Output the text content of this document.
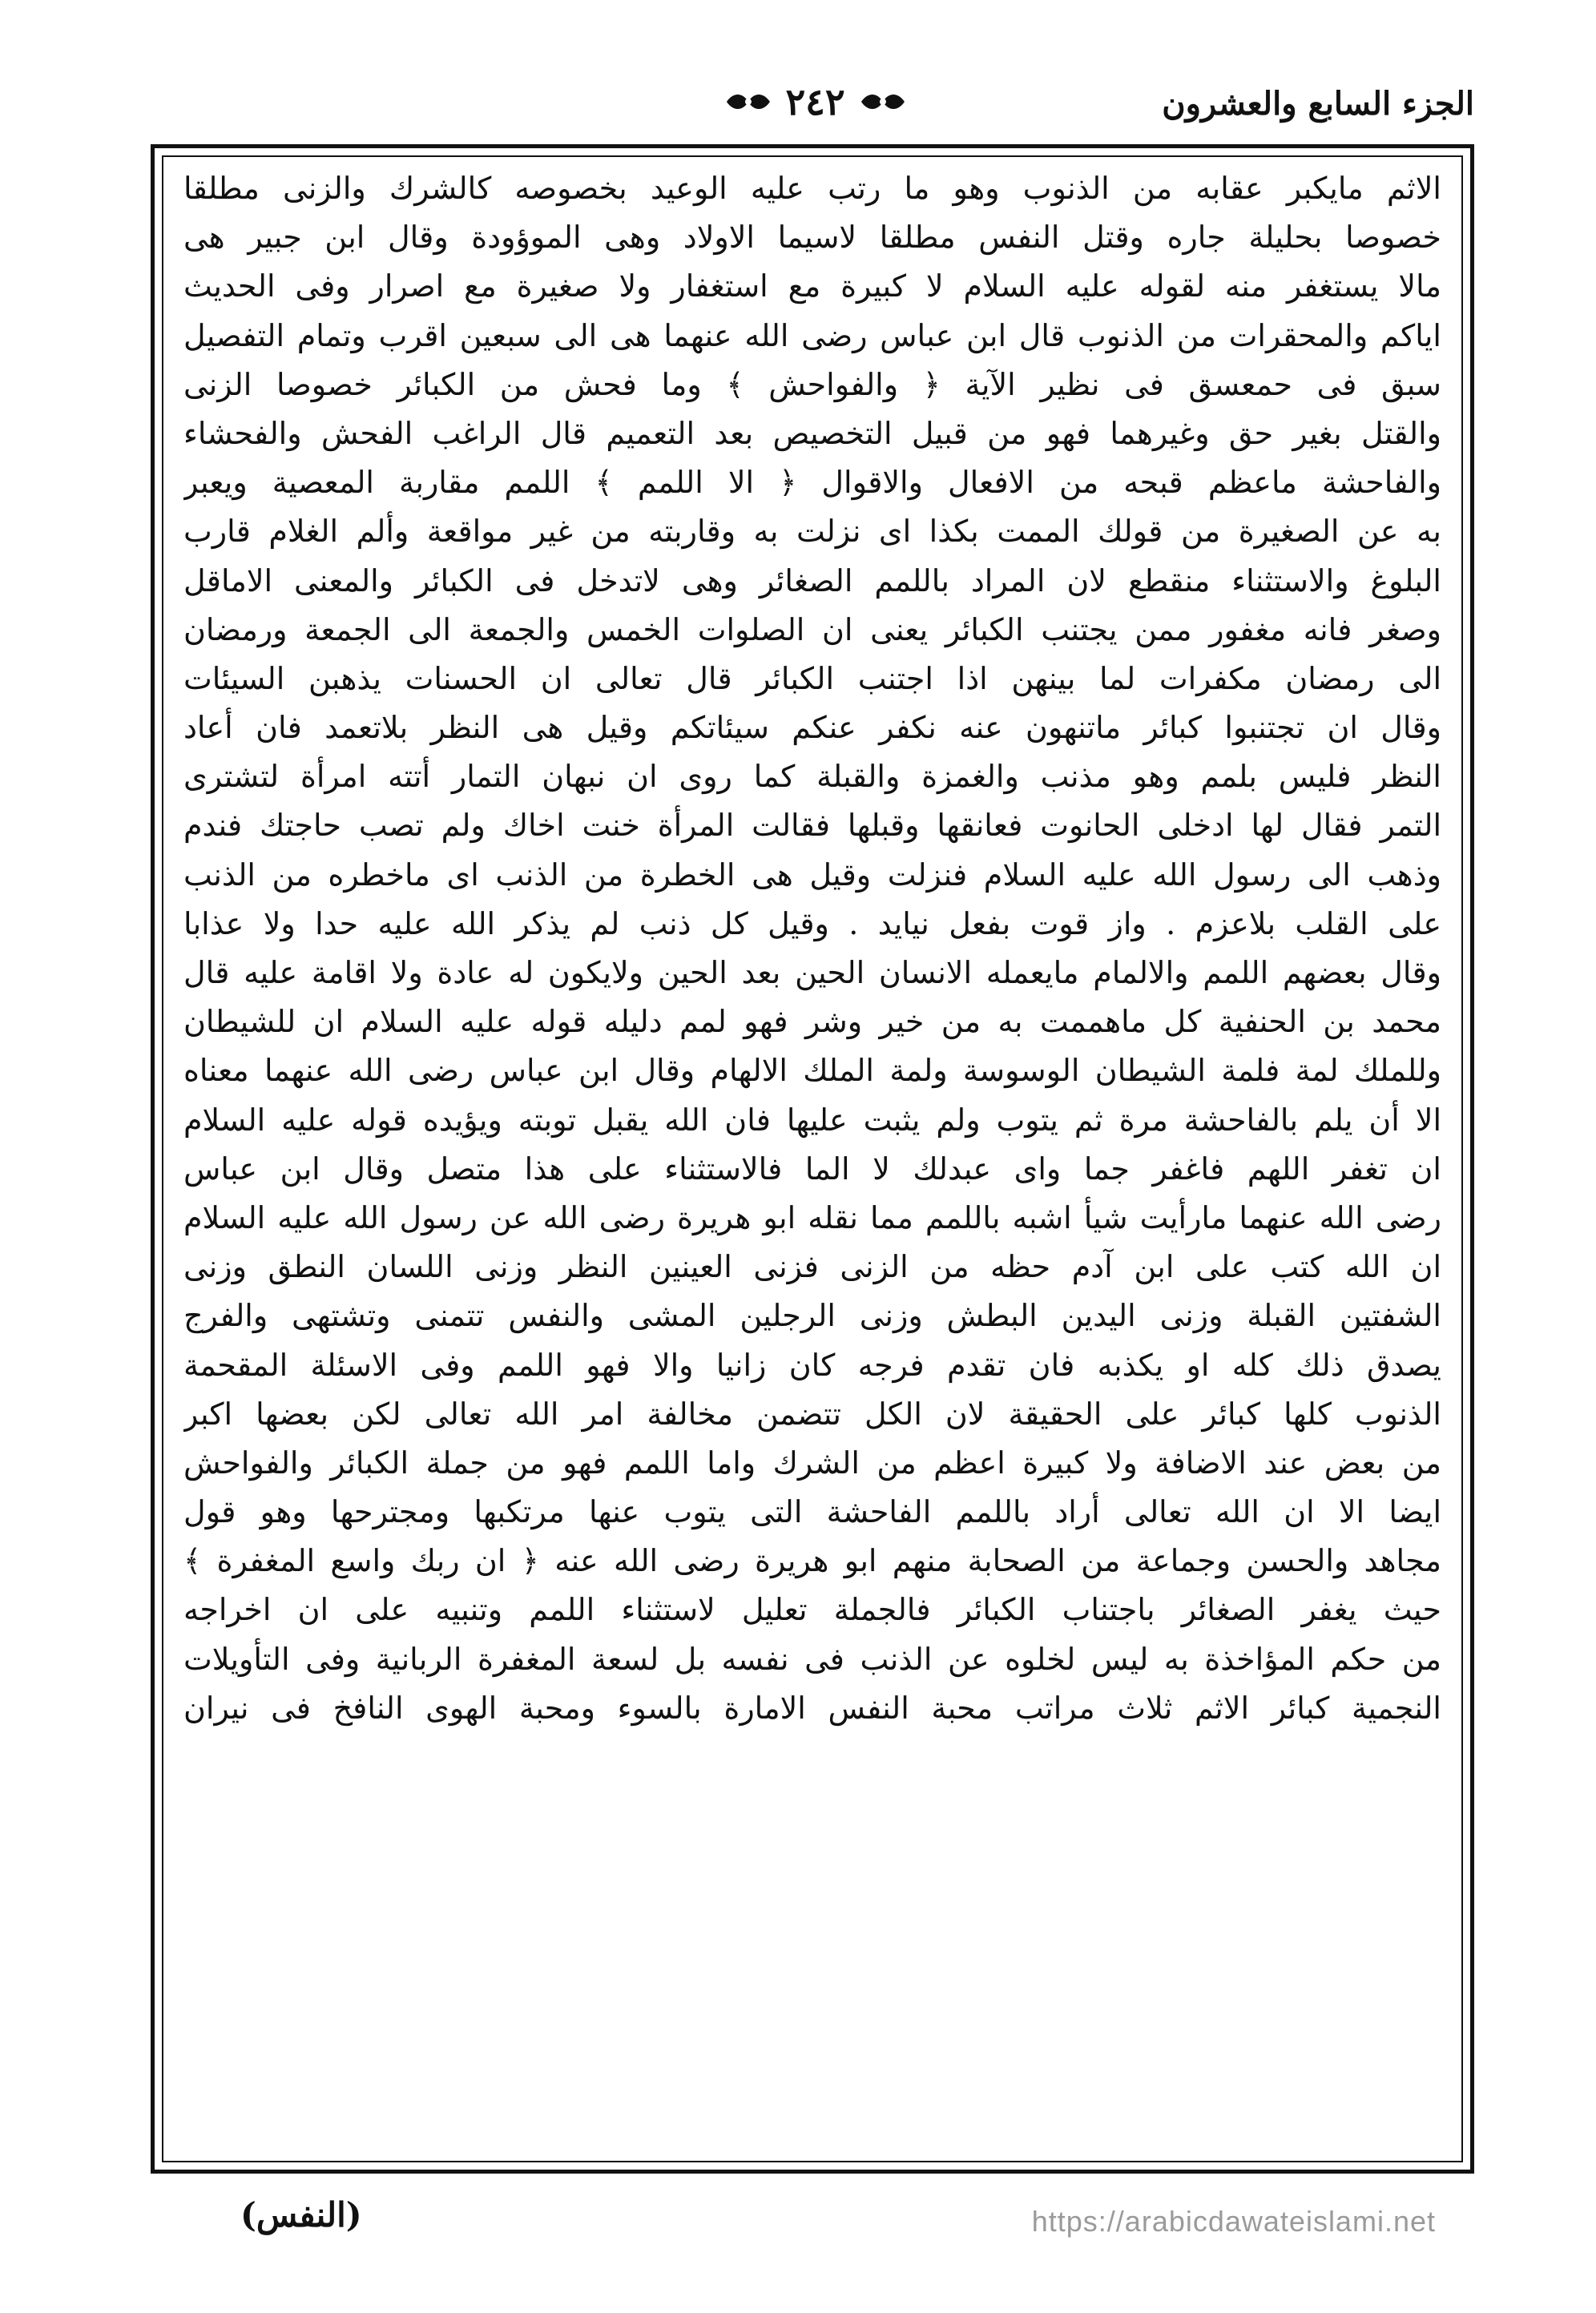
الجزء السابع والعشرون
٢٤٢
الاثم مايكبر عقابه من الذنوب وهو ما رتب عليه الوعيد بخصوصه كالشرك والزنى مطلقا
خصوصا بحليلة جاره وقتل النفس مطلقا لاسيما الاولاد وهى الموؤودة وقال ابن جبير هى
مالا يستغفر منه لقوله عليه السلام لا كبيرة مع استغفار ولا صغيرة مع اصرار وفى الحديث
اياكم والمحقرات من الذنوب قال ابن عباس رضى الله عنهما هى الى سبعين اقرب وتمام التفصيل
سبق فى حمعسق فى نظير الآية ﴿ والفواحش ﴾ وما فحش من الكبائر خصوصا الزنى
والقتل بغير حق وغيرهما فهو من قبيل التخصيص بعد التعميم قال الراغب الفحش والفحشاء
والفاحشة ماعظم قبحه من الافعال والاقوال ﴿ الا اللمم ﴾ اللمم مقاربة المعصية ويعبر
به عن الصغيرة من قولك الممت بكذا اى نزلت به وقاربته من غير مواقعة وألم الغلام قارب
البلوغ والاستثناء منقطع لان المراد باللمم الصغائر وهى لاتدخل فى الكبائر والمعنى الاماقل
وصغر فانه مغفور ممن يجتنب الكبائر يعنى ان الصلوات الخمس والجمعة الى الجمعة ورمضان
الى رمضان مكفرات لما بينهن اذا اجتنب الكبائر قال تعالى ان الحسنات يذهبن السيئات
وقال ان تجتنبوا كبائر ماتنهون عنه نكفر عنكم سيئاتكم وقيل هى النظر بلاتعمد فان أعاد
النظر فليس بلمم وهو مذنب والغمزة والقبلة كما روى ان نبهان التمار أتته امرأة لتشترى
التمر فقال لها ادخلى الحانوت فعانقها وقبلها فقالت المرأة خنت اخاك ولم تصب حاجتك فندم
وذهب الى رسول الله عليه السلام فنزلت وقيل هى الخطرة من الذنب اى ماخطره من الذنب
على القلب بلاعزم . واز قوت بفعل نيايد . وقيل كل ذنب لم يذكر الله عليه حدا ولا عذابا
وقال بعضهم اللمم والالمام مايعمله الانسان الحين بعد الحين ولايكون له عادة ولا اقامة عليه قال
محمد بن الحنفية كل ماهممت به من خير وشر فهو لمم دليله قوله عليه السلام ان للشيطان
وللملك لمة فلمة الشيطان الوسوسة ولمة الملك الالهام وقال ابن عباس رضى الله عنهما معناه
الا أن يلم بالفاحشة مرة ثم يتوب ولم يثبت عليها فان الله يقبل توبته ويؤيده قوله عليه السلام
ان تغفر اللهم فاغفر جما واى عبدلك لا الما فالاستثناء على هذا متصل وقال ابن عباس
رضى الله عنهما مارأيت شيأ اشبه باللمم مما نقله ابو هريرة رضى الله عن رسول الله عليه السلام
ان الله كتب على ابن آدم حظه من الزنى فزنى العينين النظر وزنى اللسان النطق وزنى
الشفتين القبلة وزنى اليدين البطش وزنى الرجلين المشى والنفس تتمنى وتشتهى والفرج
يصدق ذلك كله او يكذبه فان تقدم فرجه كان زانيا والا فهو اللمم وفى الاسئلة المقحمة
الذنوب كلها كبائر على الحقيقة لان الكل تتضمن مخالفة امر الله تعالى لكن بعضها اكبر
من بعض عند الاضافة ولا كبيرة اعظم من الشرك واما اللمم فهو من جملة الكبائر والفواحش
ايضا الا ان الله تعالى أراد باللمم الفاحشة التى يتوب عنها مرتكبها ومجترحها وهو قول
مجاهد والحسن وجماعة من الصحابة منهم ابو هريرة رضى الله عنه ﴿ ان ربك واسع المغفرة ﴾
حيث يغفر الصغائر باجتناب الكبائر فالجملة تعليل لاستثناء اللمم وتنبيه على ان اخراجه
من حكم المؤاخذة به ليس لخلوه عن الذنب فى نفسه بل لسعة المغفرة الربانية وفى التأويلات
النجمية كبائر الاثم ثلاث مراتب محبة النفس الامارة بالسوء ومحبة الهوى النافخ فى نيران
(النفس)	https://arabicdawateislami.net
